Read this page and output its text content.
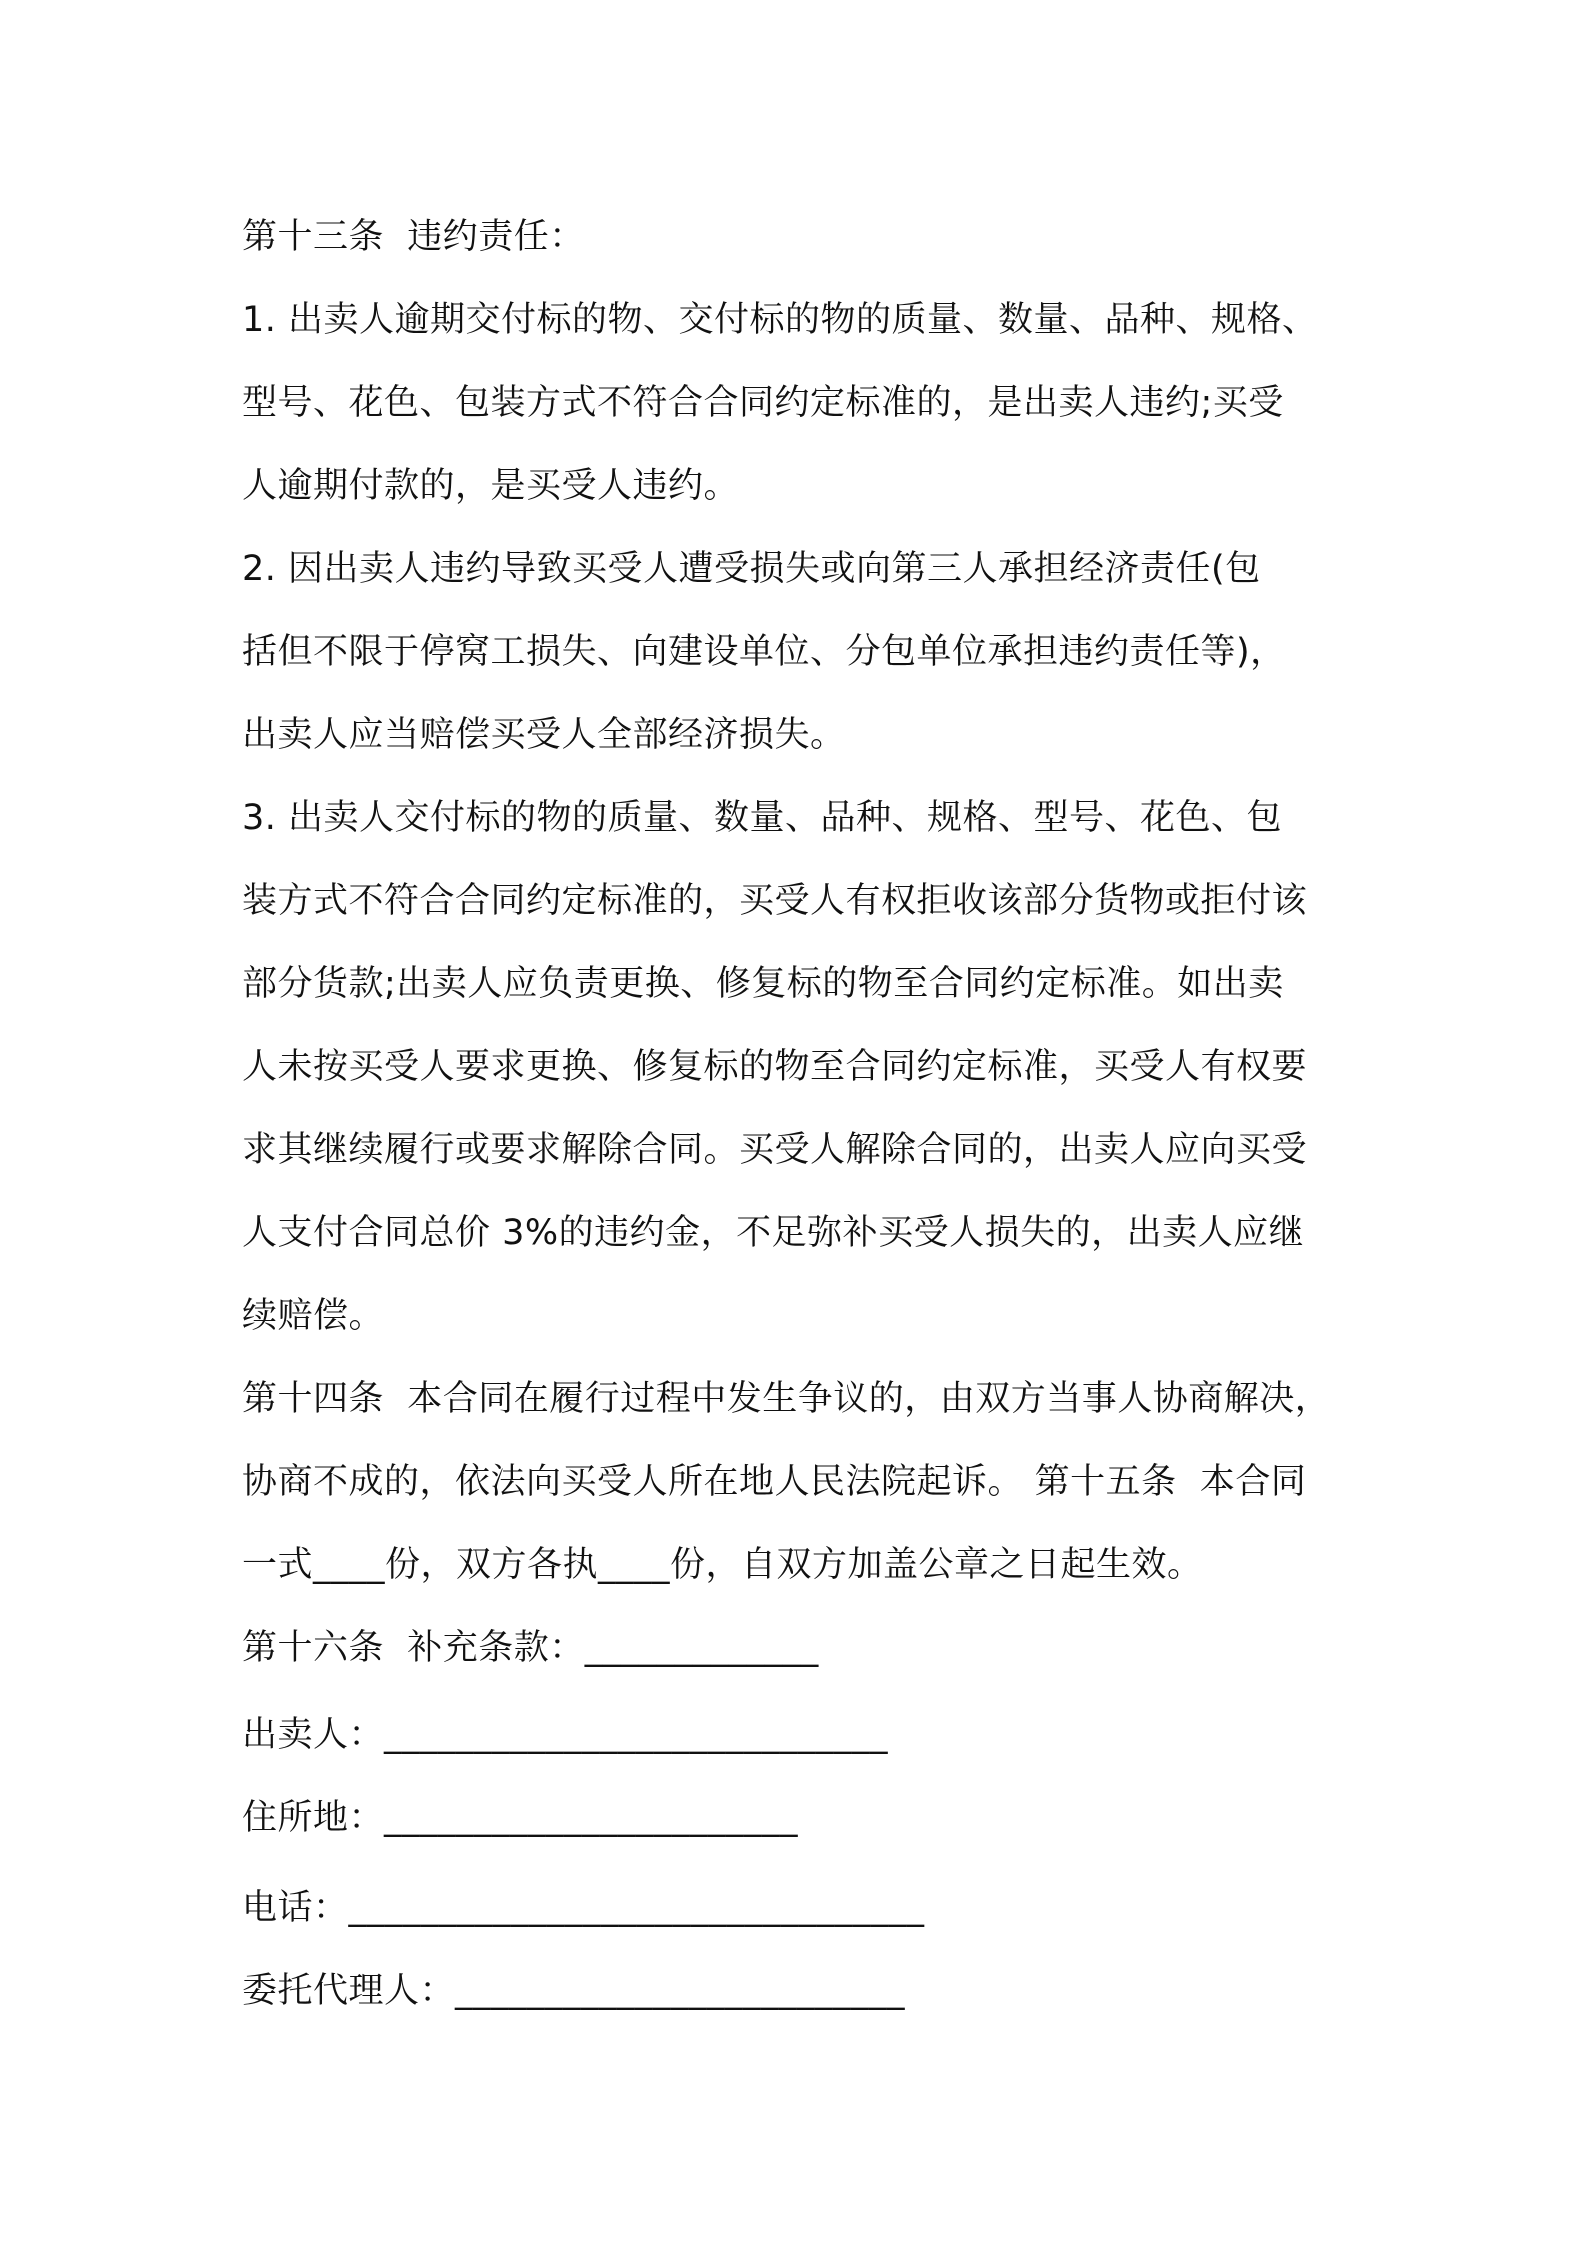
第十三条  违约责任：
1. 出卖人逾期交付标的物、交付标的物的质量、数量、品种、规格、
型号、花色、包装方式不符合合同约定标准的，是出卖人违约;买受
人逾期付款的，是买受人违约。
2. 因出卖人违约导致买受人遭受损失或向第三人承担经济责任(包
括但不限于停窝工损失、向建设单位、分包单位承担违约责任等)，
出卖人应当赔偿买受人全部经济损失。
3. 出卖人交付标的物的质量、数量、品种、规格、型号、花色、包
装方式不符合合同约定标准的，买受人有权拒收该部分货物或拒付该
部分货款;出卖人应负责更换、修复标的物至合同约定标准。如出卖
人未按买受人要求更换、修复标的物至合同约定标准，买受人有权要
求其继续履行或要求解除合同。买受人解除合同的，出卖人应向买受
人支付合同总价 3%的违约金，不足弥补买受人损失的，出卖人应继
续赔偿。
第十四条  本合同在履行过程中发生争议的，由双方当事人协商解决，
协商不成的，依法向买受人所在地人民法院起诉。 第十五条  本合同
一式____份，双方各执____份，自双方加盖公章之日起生效。
第十六条  补充条款：_____________
出卖人：____________________________
住所地：_______________________
电话：________________________________
委托代理人：_________________________
